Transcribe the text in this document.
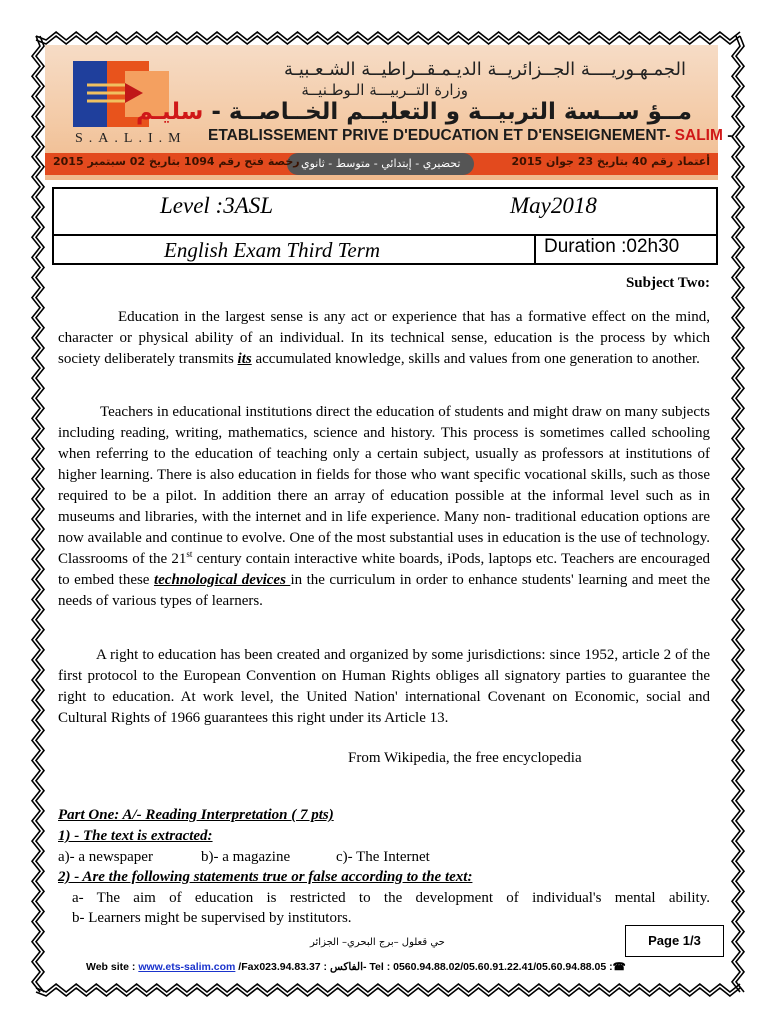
S.A.L.I.M
الجمـهـوريــــة الجــزائريــة الديـمـقــراطيــة الشـعـبيـة
وزارة التــربيـــة الـوطـنيــة
مــؤ ســسة التربيــة و التعليــم الخــاصــة - سليـم
ETABLISSEMENT PRIVE D'EDUCATION ET D'ENSEIGNEMENT- SALIM -
أعتماد رقم 40 بتاريخ 23 جوان 2015
تحضيري - إبتدائي - متوسط - ثانوي
رخصة فتح رقم 1094 بتاريخ 02 سبتمبر 2015
Level :3ASL	May2018
English Exam Third Term	Duration :02h30
Subject Two:
Education in the largest sense is any act or experience that has a formative effect on the mind, character or physical ability of an individual. In its technical sense, education is the process by which society deliberately transmits its accumulated knowledge, skills and values from one generation to another.
Teachers in educational institutions direct the education of students and might draw on many subjects including reading, writing, mathematics, science and history. This process is sometimes called schooling when referring to the education of teaching only a certain subject, usually as professors at institutions of higher learning. There is also education in fields for those who want specific vocational skills, such as those required to be a pilot. In addition there an array of education possible at the informal level such as in museums and libraries, with the internet and in life experience. Many non- traditional education options are now available and continue to evolve. One of the most substantial uses in education is the use of technology. Classrooms of the 21st century contain interactive white boards, iPods, laptops etc. Teachers are encouraged to embed these technological devices in the curriculum in order to enhance students' learning and meet the needs of various types of learners.
A right to education has been created and organized by some jurisdictions: since 1952, article 2 of the first protocol to the European Convention on Human Rights obliges all signatory parties to guarantee the right to education. At work level, the United Nation' international Covenant on Economic, social and Cultural Rights of 1966 guarantees this right under its Article 13.
From Wikipedia, the free encyclopedia
Part One: A/- Reading Interpretation ( 7 pts)
1) - The text is extracted:
a)- a newspaper	b)- a magazine	c)- The Internet
2) - Are the following statements true or false according to the text:
a- The aim of education is restricted to the development of individual's mental ability.
b- Learners might be supervised by institutors.
حي قعلول –برج البحري– الجزائر	Page 1/3
Web site : www.ets-salim.com /Fax023.94.83.37 : الفاكس- Tel : 0560.94.88.02/05.60.91.22.41/05.60.94.88.05 :☎
